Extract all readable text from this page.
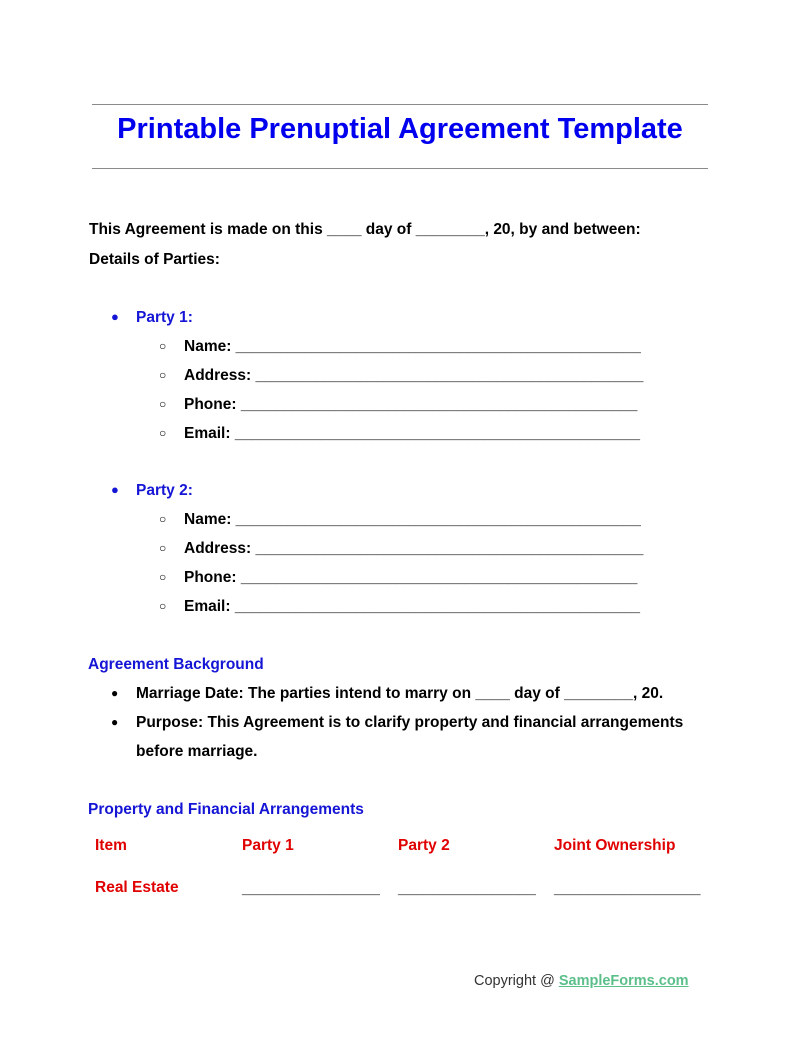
Printable Prenuptial Agreement Template
This Agreement is made on this ____ day of ________, 20, by and between:
Details of Parties:
● Party 1:
○ Name: _______________________________________________
○ Address: _____________________________________________
○ Phone: ______________________________________________
○ Email: _______________________________________________
● Party 2:
○ Name: _______________________________________________
○ Address: _____________________________________________
○ Phone: ______________________________________________
○ Email: _______________________________________________
Agreement Background
● Marriage Date: The parties intend to marry on ____ day of ________, 20.
● Purpose: This Agreement is to clarify property and financial arrangements
before marriage.
Property and Financial Arrangements
Item	Party 1	Party 2	Joint Ownership
Real Estate	________________ ________________ _________________
Copyright @ SampleForms.com
